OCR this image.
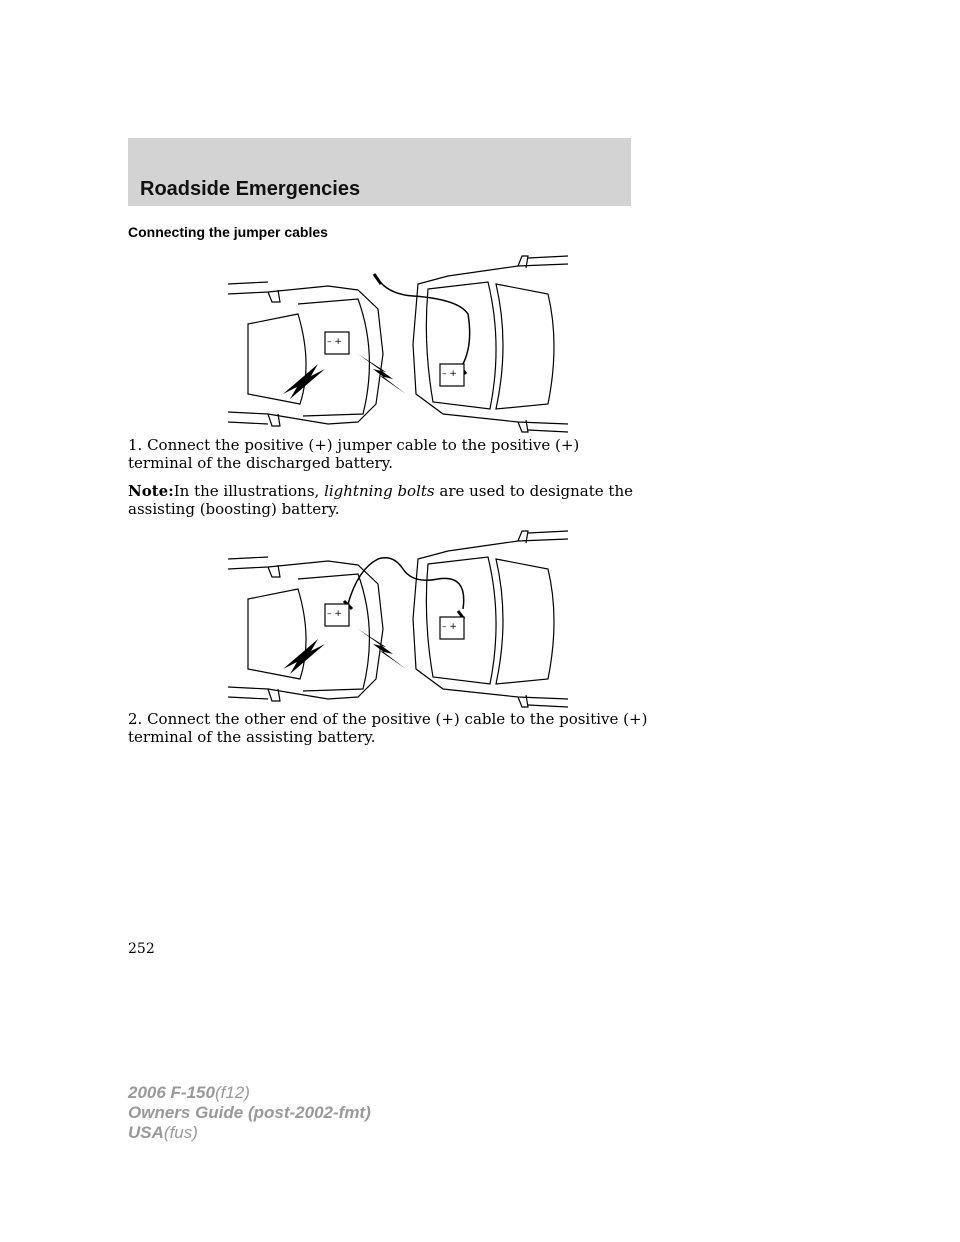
Roadside Emergencies
Connecting the jumper cables
– +
– +

1. Connect the positive (+) jumper cable to the positive (+) terminal of the discharged battery.

Note:In the illustrations, lightning bolts are used to designate the assisting (boosting) battery.

– +
– +

2. Connect the other end of the positive (+) cable to the positive (+) terminal of the assisting battery.

252
2006 F-150(f12)
Owners Guide (post-2002-fmt)
USA(fus)
